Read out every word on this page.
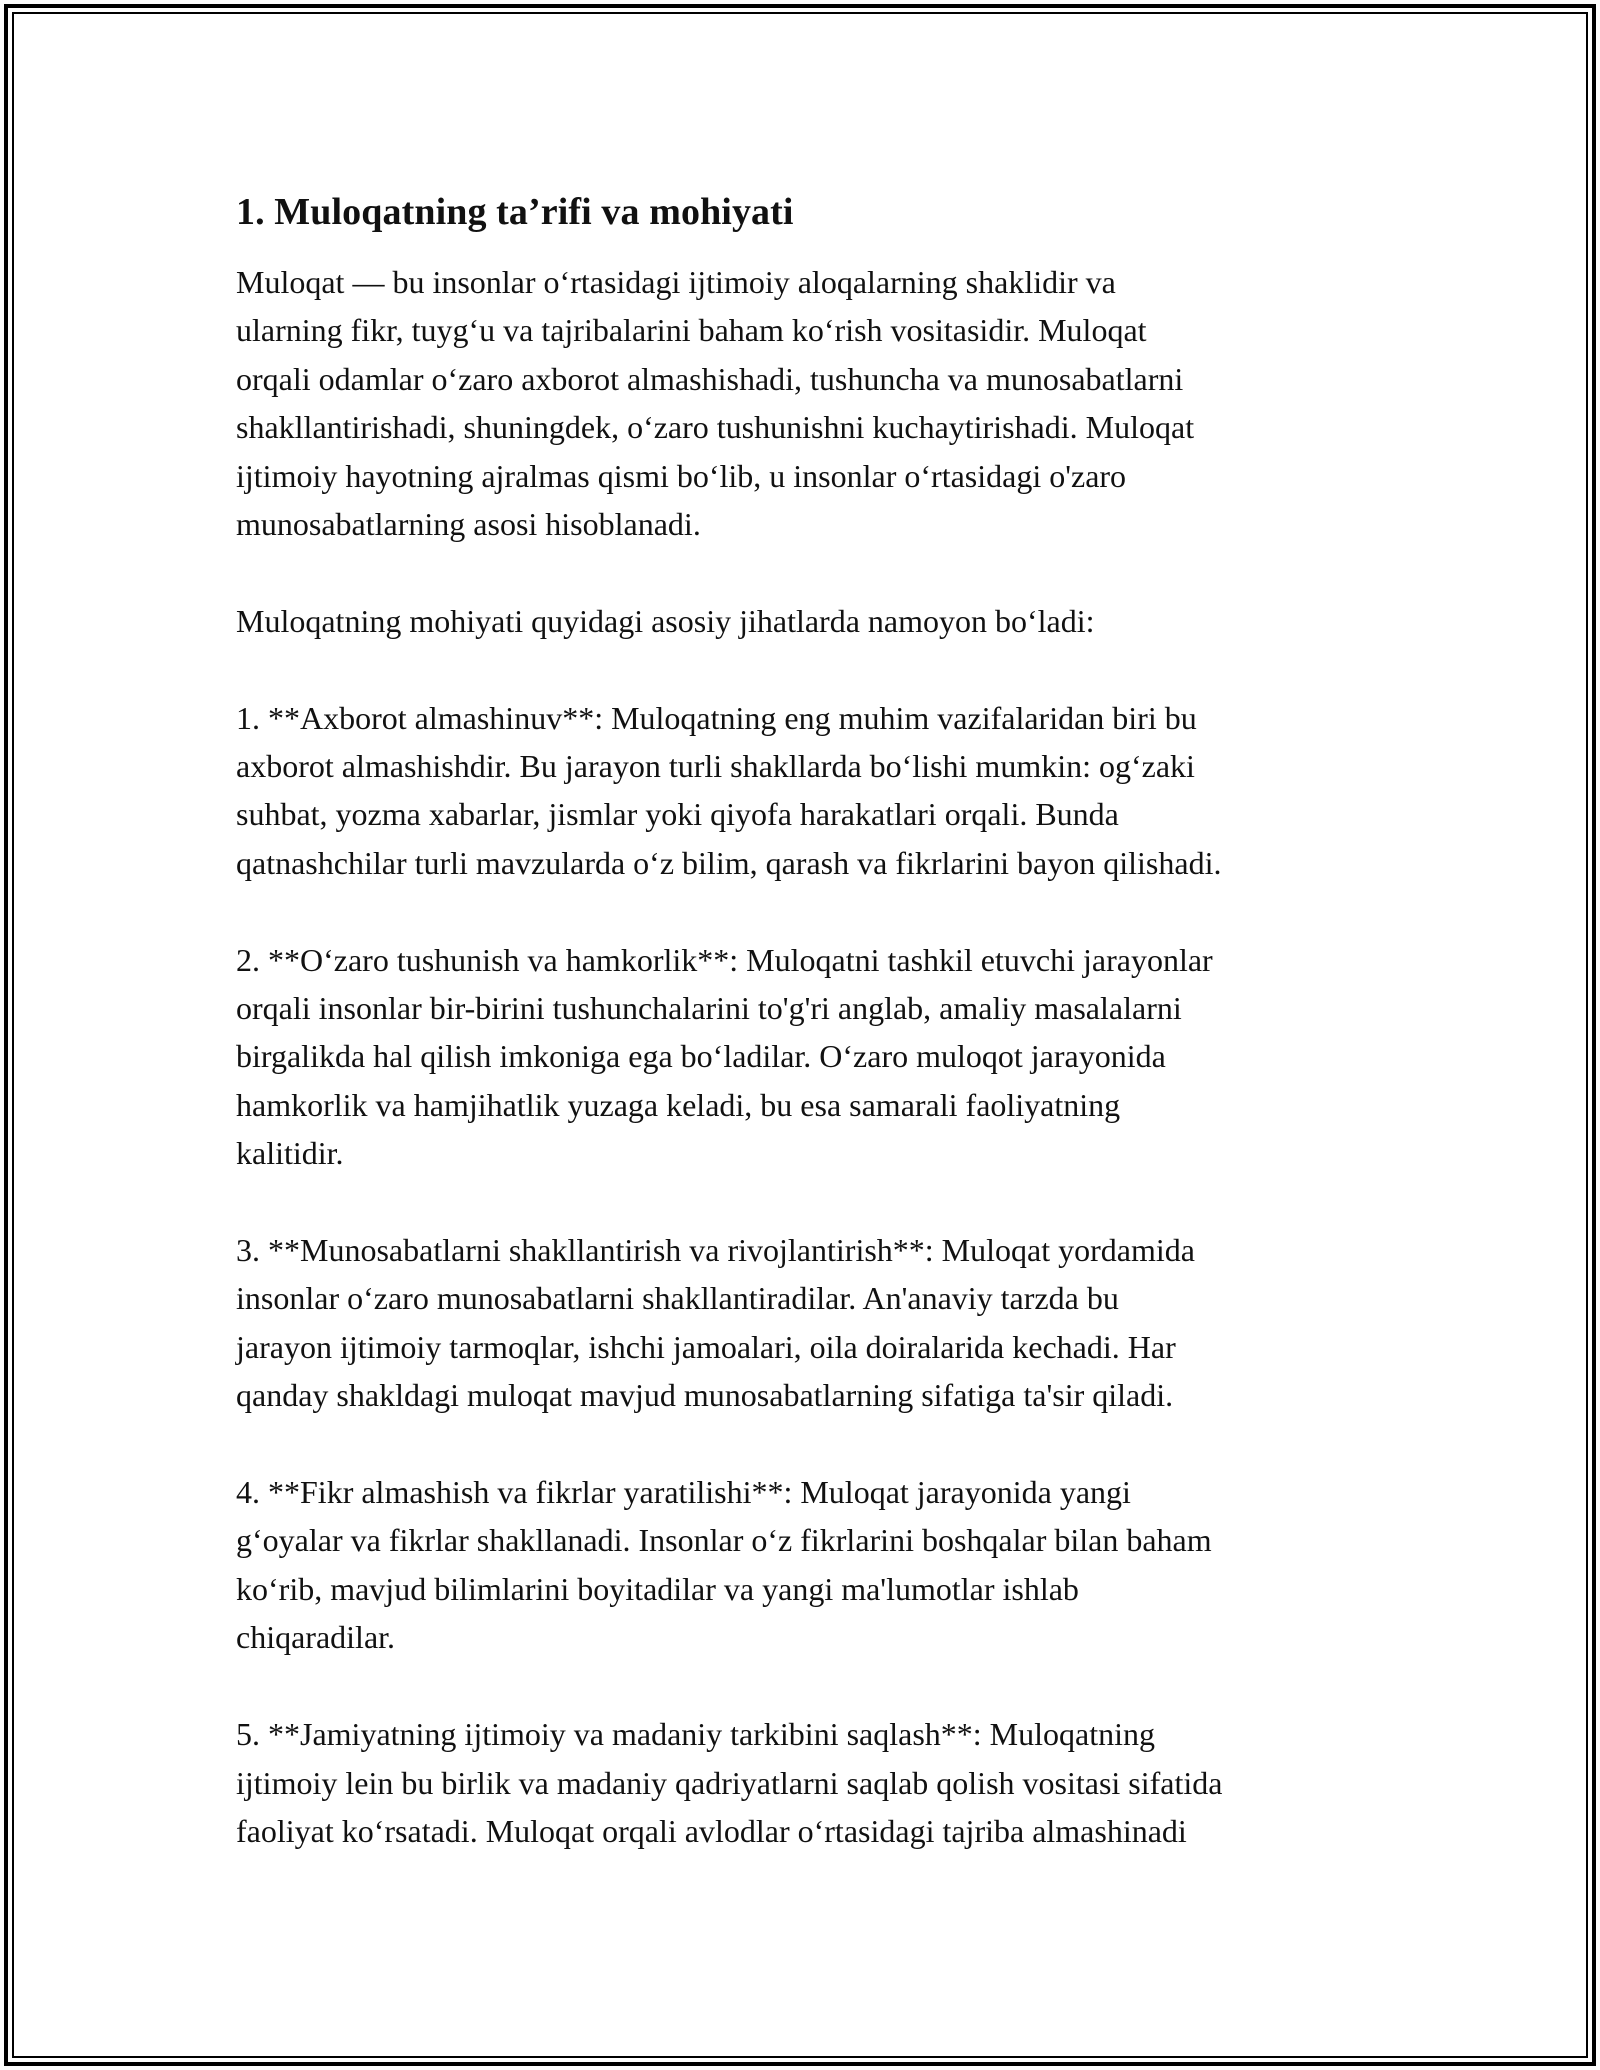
1. Muloqatning ta’rifi va mohiyati
Muloqat — bu insonlar o‘rtasidagi ijtimoiy aloqalarning shaklidir va
ularning fikr, tuyg‘u va tajribalarini baham ko‘rish vositasidir. Muloqat
orqali odamlar o‘zaro axborot almashishadi, tushuncha va munosabatlarni
shakllantirishadi, shuningdek, o‘zaro tushunishni kuchaytirishadi. Muloqat
ijtimoiy hayotning ajralmas qismi bo‘lib, u insonlar o‘rtasidagi o'zaro
munosabatlarning asosi hisoblanadi.
Muloqatning mohiyati quyidagi asosiy jihatlarda namoyon bo‘ladi:
1. **Axborot almashinuv**: Muloqatning eng muhim vazifalaridan biri bu
axborot almashishdir. Bu jarayon turli shakllarda bo‘lishi mumkin: og‘zaki
suhbat, yozma xabarlar, jismlar yoki qiyofa harakatlari orqali. Bunda
qatnashchilar turli mavzularda o‘z bilim, qarash va fikrlarini bayon qilishadi.
2. **O‘zaro tushunish va hamkorlik**: Muloqatni tashkil etuvchi jarayonlar
orqali insonlar bir-birini tushunchalarini to'g'ri anglab, amaliy masalalarni
birgalikda hal qilish imkoniga ega bo‘ladilar. O‘zaro muloqot jarayonida
hamkorlik va hamjihatlik yuzaga keladi, bu esa samarali faoliyatning
kalitidir.
3. **Munosabatlarni shakllantirish va rivojlantirish**: Muloqat yordamida
insonlar o‘zaro munosabatlarni shakllantiradilar. An'anaviy tarzda bu
jarayon ijtimoiy tarmoqlar, ishchi jamoalari, oila doiralarida kechadi. Har
qanday shakldagi muloqat mavjud munosabatlarning sifatiga ta'sir qiladi.
4. **Fikr almashish va fikrlar yaratilishi**: Muloqat jarayonida yangi
g‘oyalar va fikrlar shakllanadi. Insonlar o‘z fikrlarini boshqalar bilan baham
ko‘rib, mavjud bilimlarini boyitadilar va yangi ma'lumotlar ishlab
chiqaradilar.
5. **Jamiyatning ijtimoiy va madaniy tarkibini saqlash**: Muloqatning
ijtimoiy lein bu birlik va madaniy qadriyatlarni saqlab qolish vositasi sifatida
faoliyat ko‘rsatadi. Muloqat orqali avlodlar o‘rtasidagi tajriba almashinadi
